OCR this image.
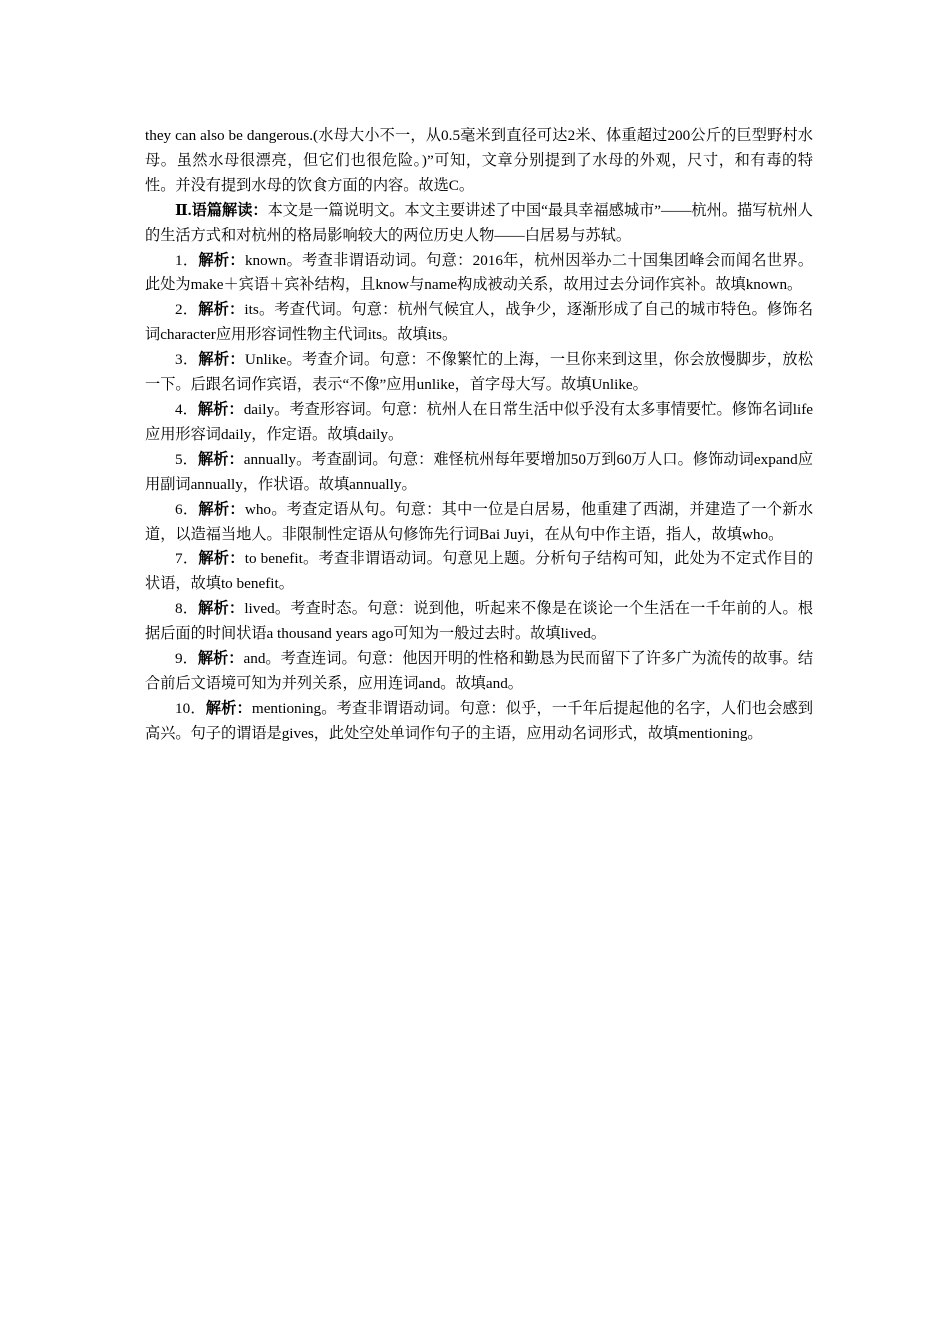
they can also be dangerous.(水母大小不一，从0.5毫米到直径可达2米、体重超过200公斤的巨型野村水母。虽然水母很漂亮，但它们也很危险。)”可知，文章分别提到了水母的外观，尺寸，和有毒的特性。并没有提到水母的饮食方面的内容。故选C。

Ⅱ.语篇解读：本文是一篇说明文。本文主要讲述了中国“最具幸福感城市”——杭州。描写杭州人的生活方式和对杭州的格局影响较大的两位历史人物——白居易与苏轼。

1．解析：known。考查非谓语动词。句意：2016年，杭州因举办二十国集团峰会而闻名世界。此处为make＋宾语＋宾补结构，且know与name构成被动关系，故用过去分词作宾补。故填known。

2．解析：its。考查代词。句意：杭州气候宜人，战争少，逐渐形成了自己的城市特色。修饰名词character应用形容词性物主代词its。故填its。

3．解析：Unlike。考查介词。句意：不像繁忙的上海，一旦你来到这里，你会放慢脚步，放松一下。后跟名词作宾语，表示“不像”应用unlike，首字母大写。故填Unlike。

4．解析：daily。考查形容词。句意：杭州人在日常生活中似乎没有太多事情要忙。修饰名词life应用形容词daily，作定语。故填daily。

5．解析：annually。考查副词。句意：难怪杭州每年要增加50万到60万人口。修饰动词expand应用副词annually，作状语。故填annually。

6．解析：who。考查定语从句。句意：其中一位是白居易，他重建了西湖，并建造了一个新水道，以造福当地人。非限制性定语从句修饰先行词Bai Juyi，在从句中作主语，指人，故填who。

7．解析：to benefit。考查非谓语动词。句意见上题。分析句子结构可知，此处为不定式作目的状语，故填to benefit。

8．解析：lived。考查时态。句意：说到他，听起来不像是在谈论一个生活在一千年前的人。根据后面的时间状语a thousand years ago可知为一般过去时。故填lived。

9．解析：and。考查连词。句意：他因开明的性格和勤恳为民而留下了许多广为流传的故事。结合前后文语境可知为并列关系，应用连词and。故填and。

10．解析：mentioning。考查非谓语动词。句意：似乎，一千年后提起他的名字，人们也会感到高兴。句子的谓语是gives，此处空处单词作句子的主语，应用动名词形式，故填mentioning。
